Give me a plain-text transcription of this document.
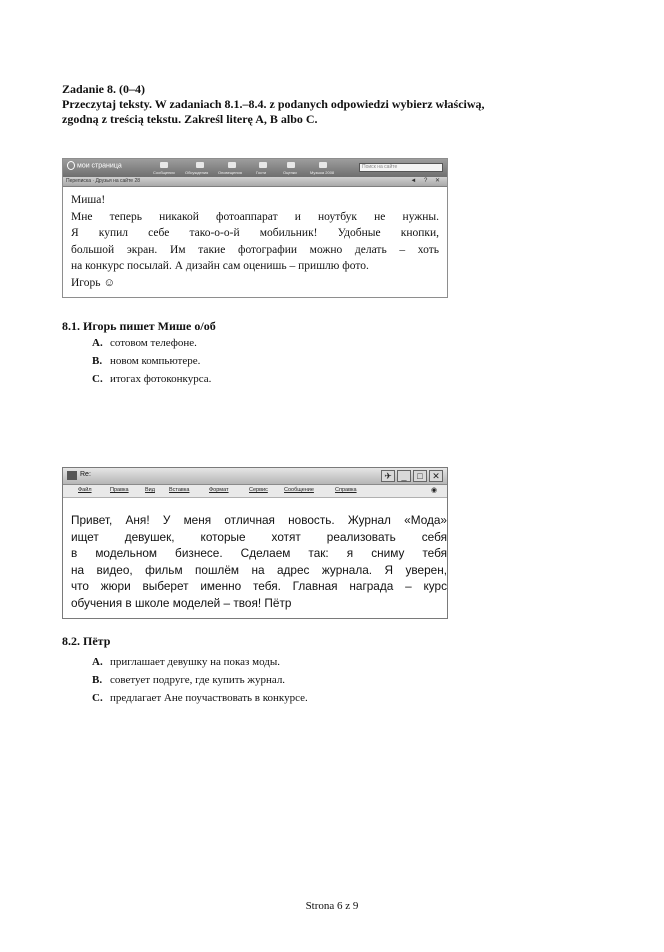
Zadanie 8. (0–4)
Przeczytaj teksty. W zadaniach 8.1.–8.4. z podanych odpowiedzi wybierz właściwą,
zgodną z treścią tekstu. Zakreśl literę A, B albo C.
мои страница
Сообщения	Обсуждения Оповещения	Гости	Оценки	Музыка 2008
Поиск на сайте
Переписка · Друзья на сайте 28	◄ ? ✕
Миша!
Мне теперь никакой фотоаппарат и ноутбук не нужны.
Я купил себе тако-о-о-й мобильник! Удобные кнопки,
большой экран. Им такие фотографии можно делать – хоть
на конкурс посылай. А дизайн сам оценишь – пришлю фото.
Игорь ☺
8.1. Игорь пишет Мише о/об
A. сотовом телефоне.
B. новом компьютере.
C. итогах фотоконкурса.
Re:	✈	_	□	✕
Файл	Правка	Вид	Вставка	Формат	Сервис	Сообщение	Справка	◉
Привет, Аня! У меня отличная новость. Журнал «Мода»
ищет девушек, которые хотят реализовать себя
в модельном бизнесе. Сделаем так: я сниму тебя
на видео, фильм пошлём на адрес журнала. Я уверен,
что жюри выберет именно тебя. Главная награда – курс
обучения в школе моделей – твоя! Пётр
8.2. Пётр
A. приглашает девушку на показ моды.
B. советует подруге, где купить журнал.
C. предлагает Ане поучаствовать в конкурсе.
Strona 6 z 9
